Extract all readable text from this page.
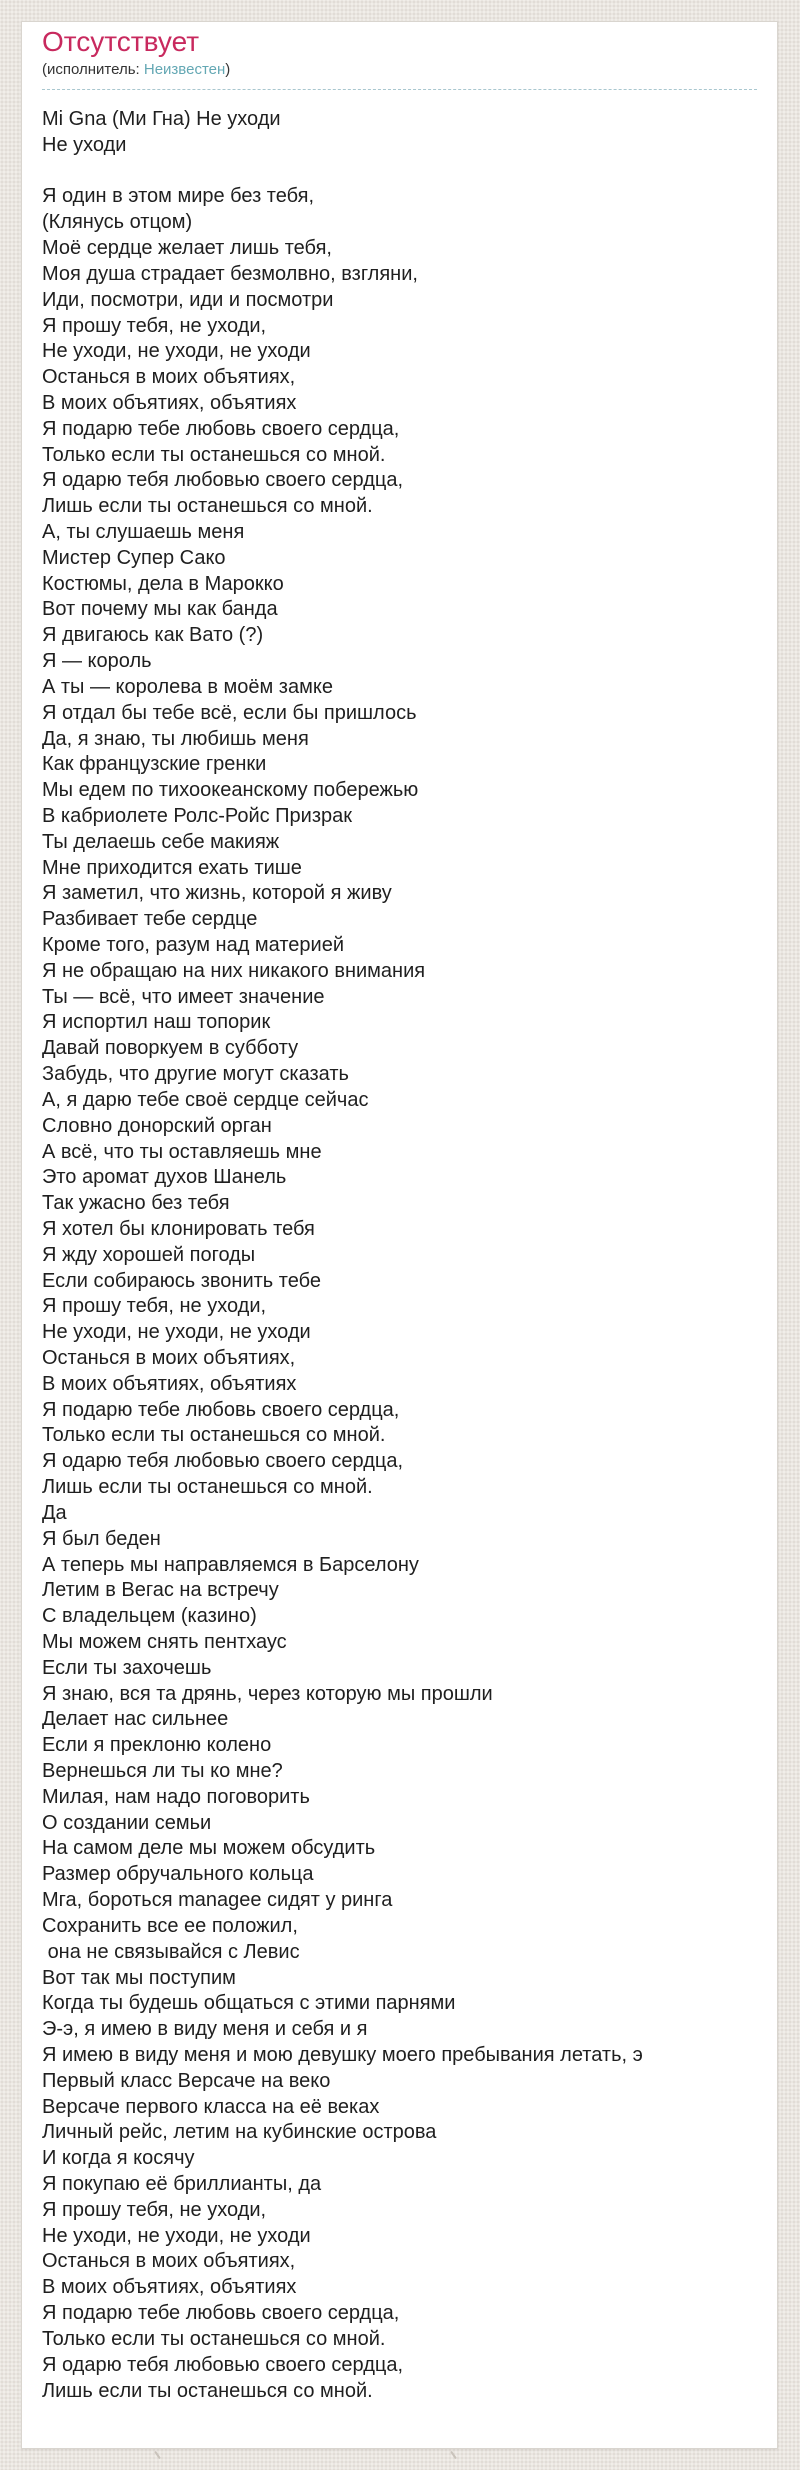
Отсутствует

(исполнитель: Неизвестен)

Mi Gna (Ми Гна) Не уходи
Не уходи

Я один в этом мире без тебя,
(Клянусь отцом)
Моё сердце желает лишь тебя,
Моя душа страдает безмолвно, взгляни,
Иди, посмотри, иди и посмотри
Я прошу тебя, не уходи,
Не уходи, не уходи, не уходи
Останься в моих объятиях,
В моих объятиях, объятиях
Я подарю тебе любовь своего сердца,
Только если ты останешься со мной.
Я одарю тебя любовью своего сердца,
Лишь если ты останешься со мной.
А, ты слушаешь меня
Мистер Супер Сако
Костюмы, дела в Марокко
Вот почему мы как банда
Я двигаюсь как Вато (?)
Я — король
А ты — королева в моём замке
Я отдал бы тебе всё, если бы пришлось
Да, я знаю, ты любишь меня
Как французские гренки
Мы едем по тихоокеанскому побережью
В кабриолете Ролс-Ройс Призрак
Ты делаешь себе макияж
Мне приходится ехать тише
Я заметил, что жизнь, которой я живу
Разбивает тебе сердце
Кроме того, разум над материей
Я не обращаю на них никакого внимания
Ты — всё, что имеет значение
Я испортил наш топорик
Давай поворкуем в субботу
Забудь, что другие могут сказать
А, я дарю тебе своё сердце сейчас
Словно донорский орган
А всё, что ты оставляешь мне
Это аромат духов Шанель
Так ужасно без тебя
Я хотел бы клонировать тебя
Я жду хорошей погоды
Если собираюсь звонить тебе
Я прошу тебя, не уходи,
Не уходи, не уходи, не уходи
Останься в моих объятиях,
В моих объятиях, объятиях
Я подарю тебе любовь своего сердца,
Только если ты останешься со мной.
Я одарю тебя любовью своего сердца,
Лишь если ты останешься со мной.
Да
Я был беден
А теперь мы направляемся в Барселону
Летим в Вегас на встречу
С владельцем (казино)
Мы можем снять пентхаус
Если ты захочешь
Я знаю, вся та дрянь, через которую мы прошли
Делает нас сильнее
Если я преклоню колено
Вернешься ли ты ко мне?
Милая, нам надо поговорить
О создании семьи
На самом деле мы можем обсудить
Размер обручального кольца
Мга, бороться managee сидят у ринга
Сохранить все ее положил,
она не связывайся с Левис
Вот так мы поступим
Когда ты будешь общаться с этими парнями
Э-э, я имею в виду меня и себя и я
Я имею в виду меня и мою девушку моего пребывания летать, э
Первый класс Версаче на веко
Версаче первого класса на её веках
Личный рейс, летим на кубинские острова
И когда я косячу
Я покупаю её бриллианты, да
Я прошу тебя, не уходи,
Не уходи, не уходи, не уходи
Останься в моих объятиях,
В моих объятиях, объятиях
Я подарю тебе любовь своего сердца,
Только если ты останешься со мной.
Я одарю тебя любовью своего сердца,
Лишь если ты останешься со мной.
